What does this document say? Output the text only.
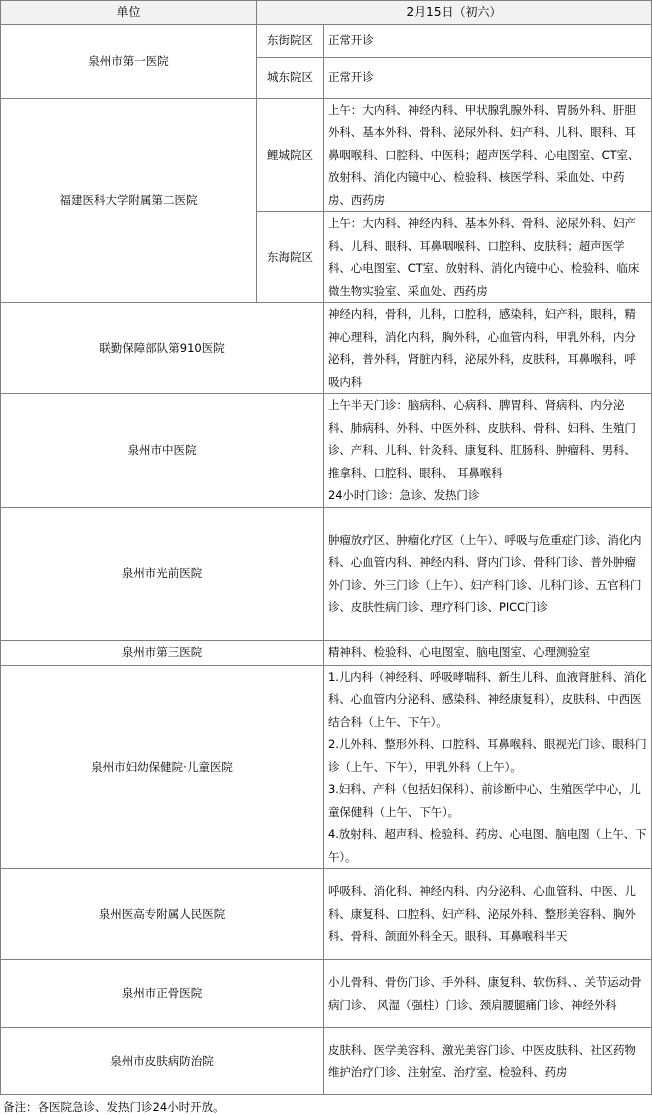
单位	2月15日（初六）	
泉州市第一医院	东街院区	正常开诊
	城东院区	正常开诊
福建医科大学附属第二医院	鲤城院区	上午：大内科、神经内科、甲状腺乳腺外科、胃肠外科、肝胆外科、基本外科、骨科、泌尿外科、妇产科、儿科、眼科、耳鼻咽喉科、口腔科、中医科；超声医学科、心电图室、CT室、放射科、消化内镜中心、检验科、核医学科、采血处、中药房、西药房
	东海院区	上午：大内科、神经内科、基本外科、骨科、泌尿外科、妇产科、儿科、眼科、耳鼻咽喉科、口腔科、皮肤科；超声医学科、心电图室、CT室、放射科、消化内镜中心、检验科、临床微生物实验室、采血处、西药房
联勤保障部队第910医院		神经内科，骨科，儿科，口腔科，感染科，妇产科，眼科，精神心理科，消化内科，胸外科，心血管内科，甲乳外科，内分泌科，普外科，肾脏内科，泌尿外科，皮肤科，耳鼻喉科，呼吸内科
泉州市中医院		上午半天门诊：脑病科、心病科、脾胃科、肾病科、内分泌科、肺病科、外科、中医外科、皮肤科、骨科、妇科、生殖门诊、产科、儿科、针灸科、康复科、肛肠科、肿瘤科、男科、推拿科、口腔科、眼科、 耳鼻喉科
24小时门诊：急诊、发热门诊

泉州市光前医院		肿瘤放疗区、肿瘤化疗区（上午）、呼吸与危重症门诊、消化内科、心血管内科、神经内科、肾内门诊、骨科门诊、普外肿瘤外门诊、外三门诊（上午）、妇产科门诊、儿科门诊、五官科门诊、皮肤性病门诊、理疗科门诊、PICC门诊
泉州市第三医院		精神科、检验科、心电图室、脑电图室、心理测验室
泉州市妇幼保健院·儿童医院		1.儿内科（神经科、呼吸哮喘科、新生儿科、血液肾脏科、消化科、心血管内分泌科、感染科、神经康复科），皮肤科、中西医结合科（上午、下午）。
2.儿外科、整形外科、口腔科、耳鼻喉科、眼视光门诊、眼科门诊（上午、下午），甲乳外科（上午）。
3.妇科、产科（包括妇保科）、前诊断中心、生殖医学中心，儿童保健科（上午、下午）。
4.放射科、超声科、检验科、药房、心电图、脑电图（上午、下午）。

泉州医高专附属人民医院		呼吸科、消化科、神经内科、内分泌科、心血管科、中医、儿科、康复科、口腔科、妇产科、泌尿外科、整形美容科、胸外科、骨科、颌面外科全天。眼科、耳鼻喉科半天
泉州市正骨医院		小儿骨科、骨伤门诊、手外科、康复科、软伤科、、关节运动骨病门诊、 风湿（强柱）门诊、颈肩腰腿痛门诊、神经外科
泉州市皮肤病防治院		皮肤科、医学美容科、激光美容门诊、中医皮肤科、社区药物维护治疗门诊、注射室、治疗室、检验科、药房
备注：各医院急诊、发热门诊24小时开放。
